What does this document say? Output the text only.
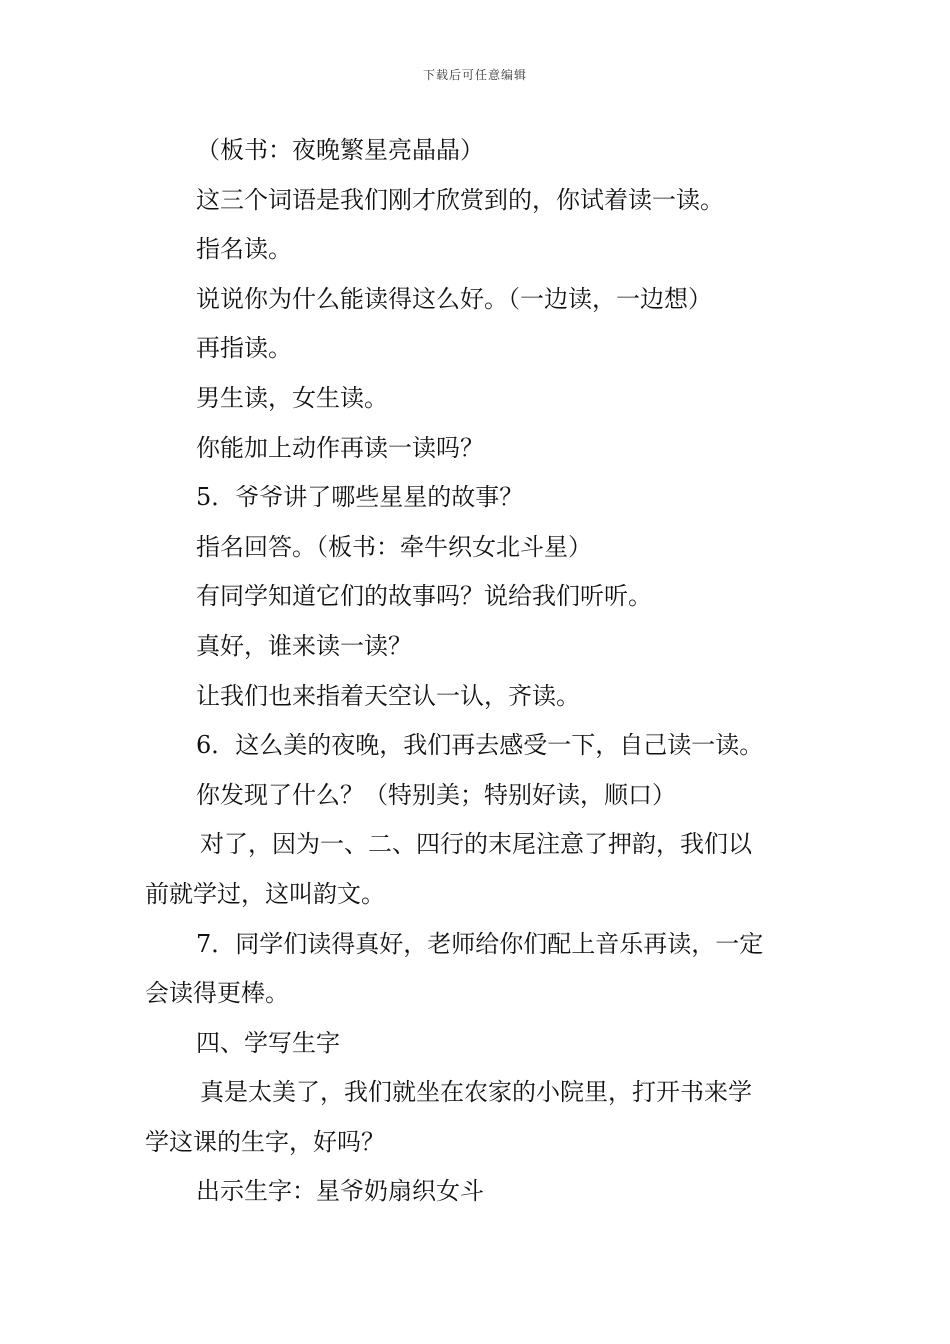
下载后可任意编辑
（板书：夜晚繁星亮晶晶）
这三个词语是我们刚才欣赏到的，你试着读一读。
指名读。
说说你为什么能读得这么好。（一边读，一边想）
再指读。
男生读，女生读。
你能加上动作再读一读吗？
5．爷爷讲了哪些星星的故事？
指名回答。（板书：牵牛织女北斗星）
有同学知道它们的故事吗？说给我们听听。
真好，谁来读一读？
让我们也来指着天空认一认，齐读。
6．这么美的夜晚，我们再去感受一下，自己读一读。
你发现了什么？（特别美；特别好读，顺口）
对了，因为一、二、四行的末尾注意了押韵，我们以
前就学过，这叫韵文。
7．同学们读得真好，老师给你们配上音乐再读，一定
会读得更棒。
四、学写生字
真是太美了，我们就坐在农家的小院里，打开书来学
学这课的生字，好吗？
出示生字：星爷奶扇织女斗
